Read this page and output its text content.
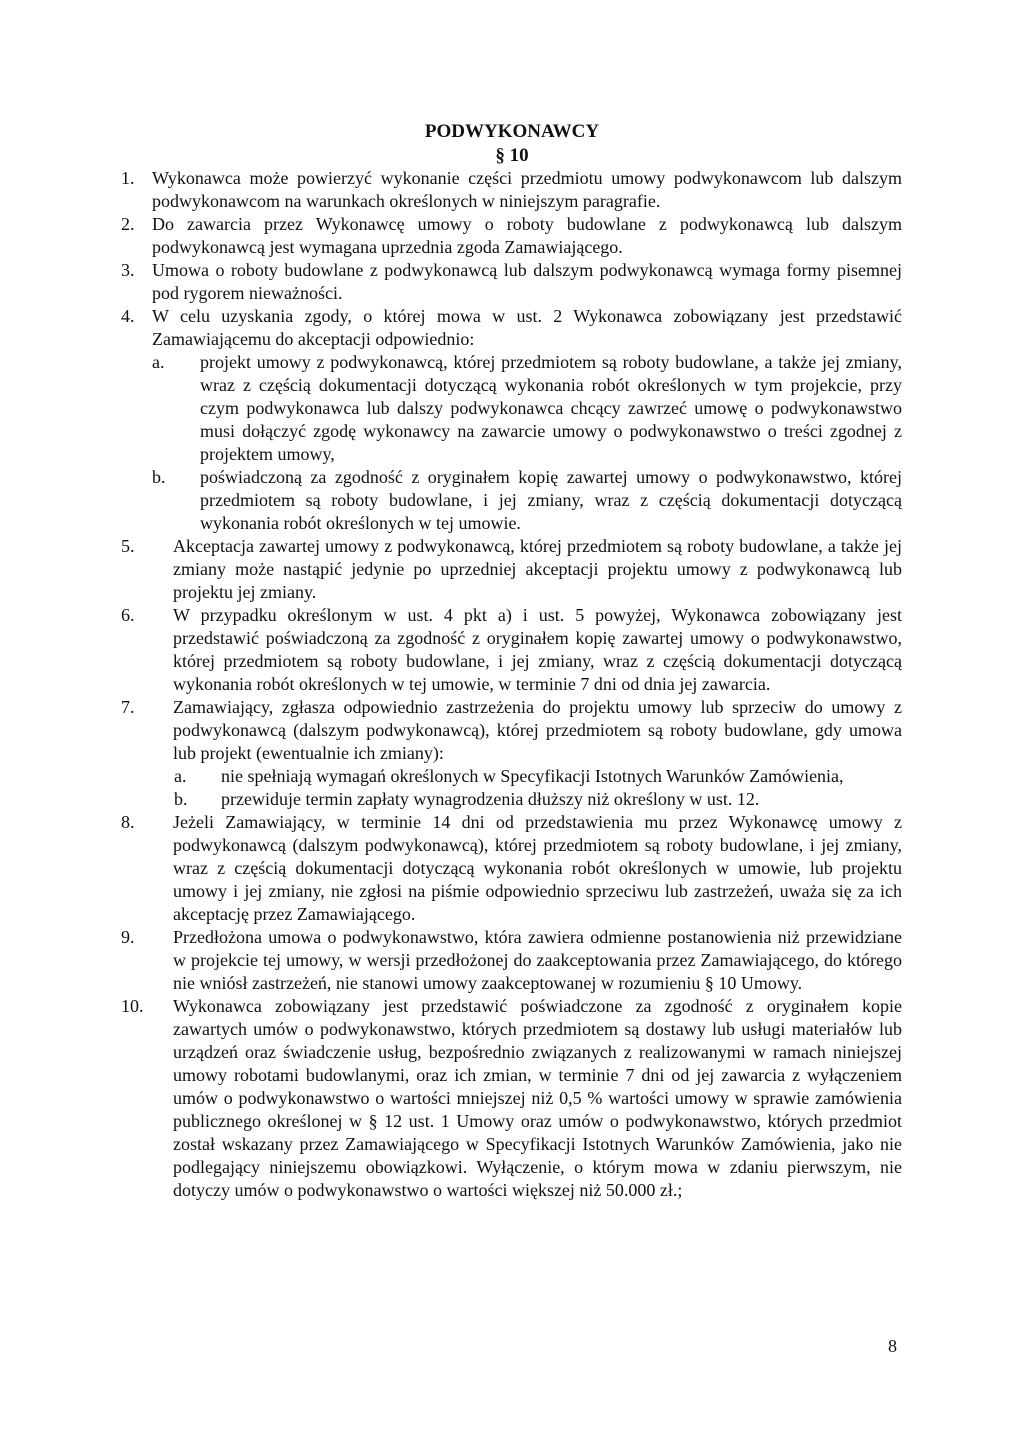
PODWYKONAWCY
§ 10
1. Wykonawca może powierzyć wykonanie części przedmiotu umowy podwykonawcom lub dalszym podwykonawcom na warunkach określonych w niniejszym paragrafie.
2. Do zawarcia przez Wykonawcę umowy o roboty budowlane z podwykonawcą lub dalszym podwykonawcą jest wymagana uprzednia zgoda Zamawiającego.
3. Umowa o roboty budowlane z podwykonawcą lub dalszym podwykonawcą wymaga formy pisemnej pod rygorem nieważności.
4. W celu uzyskania zgody, o której mowa w ust. 2 Wykonawca zobowiązany jest przedstawić Zamawiającemu do akceptacji odpowiednio:
a. projekt umowy z podwykonawcą, której przedmiotem są roboty budowlane, a także jej zmiany, wraz z częścią dokumentacji dotyczącą wykonania robót określonych w tym projekcie, przy czym podwykonawca lub dalszy podwykonawca chcący zawrzeć umowę o podwykonawstwo musi dołączyć zgodę wykonawcy na zawarcie umowy o podwykonawstwo o treści zgodnej z projektem umowy,
b. poświadczoną za zgodność z oryginałem kopię zawartej umowy o podwykonawstwo, której przedmiotem są roboty budowlane, i jej zmiany, wraz z częścią dokumentacji dotyczącą wykonania robót określonych w tej umowie.
5. Akceptacja zawartej umowy z podwykonawcą, której przedmiotem są roboty budowlane, a także jej zmiany może nastąpić jedynie po uprzedniej akceptacji projektu umowy z podwykonawcą lub projektu jej zmiany.
6. W przypadku określonym w ust. 4 pkt a) i ust. 5 powyżej, Wykonawca zobowiązany jest przedstawić poświadczoną za zgodność z oryginałem kopię zawartej umowy o podwykonawstwo, której przedmiotem są roboty budowlane, i jej zmiany, wraz z częścią dokumentacji dotyczącą wykonania robót określonych w tej umowie, w terminie 7 dni od dnia jej zawarcia.
7. Zamawiający, zgłasza odpowiednio zastrzeżenia do projektu umowy lub sprzeciw do umowy z podwykonawcą (dalszym podwykonawcą), której przedmiotem są roboty budowlane, gdy umowa lub projekt (ewentualnie ich zmiany):
a. nie spełniają wymagań określonych w Specyfikacji Istotnych Warunków Zamówienia,
b. przewiduje termin zapłaty wynagrodzenia dłuższy niż określony w ust. 12.
8. Jeżeli Zamawiający, w terminie 14 dni od przedstawienia mu przez Wykonawcę umowy z podwykonawcą (dalszym podwykonawcą), której przedmiotem są roboty budowlane, i jej zmiany, wraz z częścią dokumentacji dotyczącą wykonania robót określonych w umowie, lub projektu umowy i jej zmiany, nie zgłosi na piśmie odpowiednio sprzeciwu lub zastrzeżeń, uważa się za ich akceptację przez Zamawiającego.
9. Przedłożona umowa o podwykonawstwo, która zawiera odmienne postanowienia niż przewidziane w projekcie tej umowy, w wersji przedłożonej do zaakceptowania przez Zamawiającego, do którego nie wniósł zastrzeżeń, nie stanowi umowy zaakceptowanej w rozumieniu § 10 Umowy.
10. Wykonawca zobowiązany jest przedstawić poświadczone za zgodność z oryginałem kopie zawartych umów o podwykonawstwo, których przedmiotem są dostawy lub usługi materiałów lub urządzeń oraz świadczenie usług, bezpośrednio związanych z realizowanymi w ramach niniejszej umowy robotami budowlanymi, oraz ich zmian, w terminie 7 dni od jej zawarcia z wyłączeniem umów o podwykonawstwo o wartości mniejszej niż 0,5 % wartości umowy w sprawie zamówienia publicznego określonej w § 12 ust. 1 Umowy oraz umów o podwykonawstwo, których przedmiot został wskazany przez Zamawiającego w Specyfikacji Istotnych Warunków Zamówienia, jako nie podlegający niniejszemu obowiązkowi. Wyłączenie, o którym mowa w zdaniu pierwszym, nie dotyczy umów o podwykonawstwo o wartości większej niż 50.000 zł.;
8
